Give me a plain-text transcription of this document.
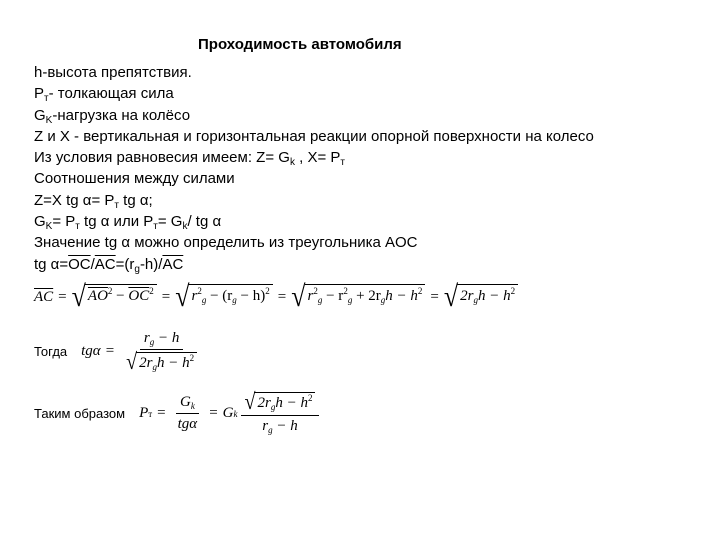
Проходимость автомобиля
h-высота препятствия.
$P_т-$ толкающая сила
$G_K$-нагрузка на колёсо
Z и X - вертикальная и горизонтальная реакции опорной поверхности на колесо
Из условия равновесия имеем: $Z= G_k$ , $X= P_т$
Соотношения между силами
Z=X tg $\alpha= P_т$ tg α;
$G_K= P_т$ tg α или $P_т= G_k/$ tg α
Значение tg α можно определить из треугольника AOC
tg $\alpha=\overline{OC}/\overline{AC}=(r_g-h)/\overline{AC}$
$\overline{AC}$ = √ $AO^2 - \overline{OC}^2$ = √ $r^2_g - (r_g - h)^2$ = √ $r^2_g - r^2_g + 2r_gh - h^2$ = √ $2r_gh - h^2$
Тогда $tg\alpha = \frac{r_g - h}{√ 2r_gh - h^2}$
Таким образом P $т = \frac{G_k}{\text{tgα}} = G$ k $\frac{√ 2r_gh - h^2}{r_g - h}$
